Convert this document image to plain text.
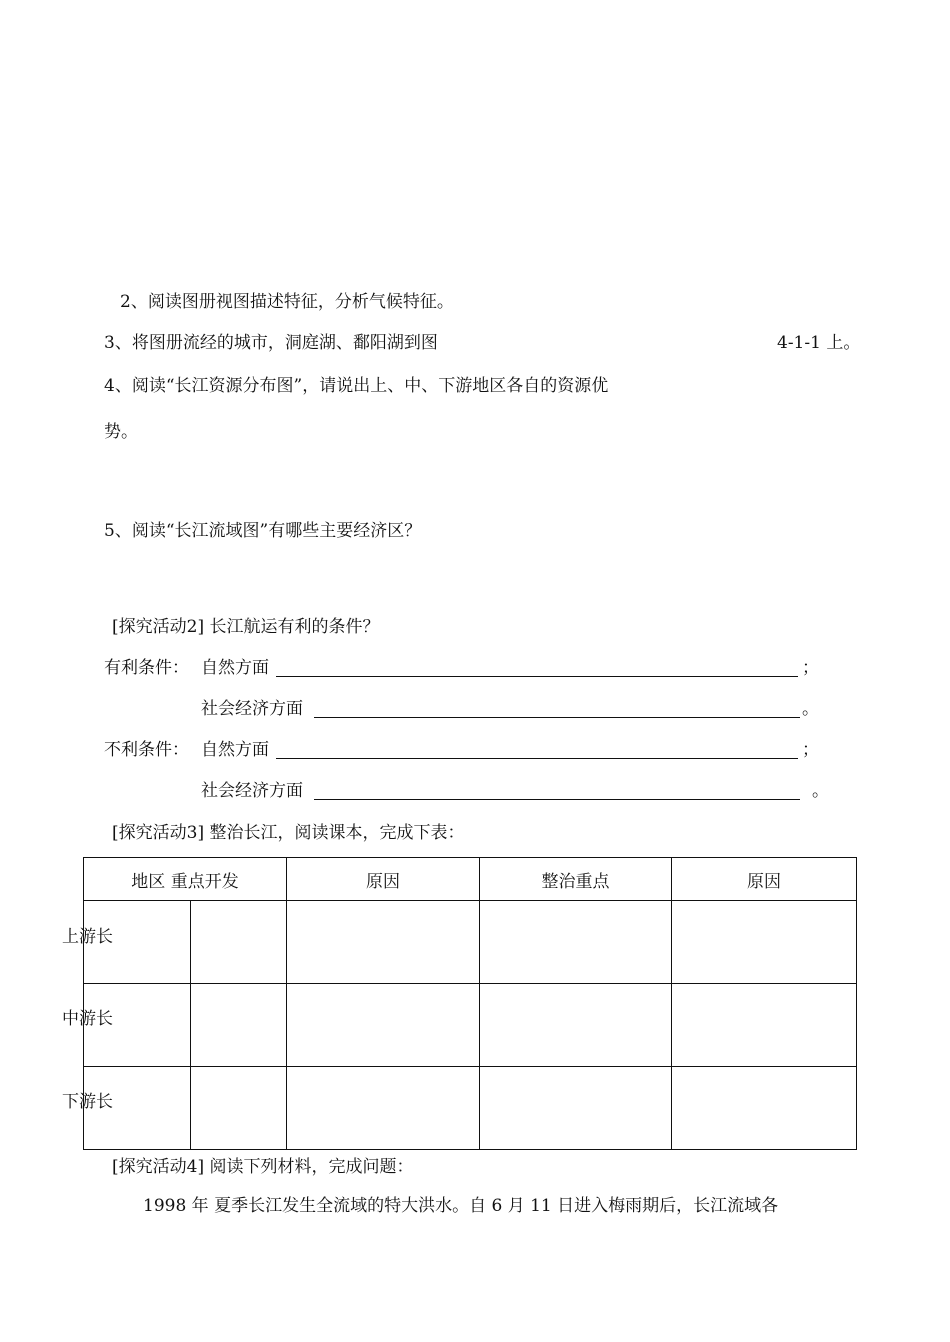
2、阅读图册视图描述特征，分析气候特征。
3、将图册流经的城市，洞庭湖、鄱阳湖到图	4-1-1 上。
4、阅读“长江资源分布图”，请说出上、中、下游地区各自的资源优
势。
5、阅读“长江流域图”有哪些主要经济区？
[探究活动2] 长江航运有利的条件？
有利条件： 自然方面	；
社会经济方面	。
不利条件： 自然方面	；
社会经济方面	。
[探究活动3] 整治长江，阅读课本，完成下表：
地区 重点开发		原因	整治重点	原因

上游长
中游长
下游长
[探究活动4] 阅读下列材料，完成问题：
1998 年 夏季长江发生全流域的特大洪水。自 6 月 11 日进入梅雨期后，长江流域各
